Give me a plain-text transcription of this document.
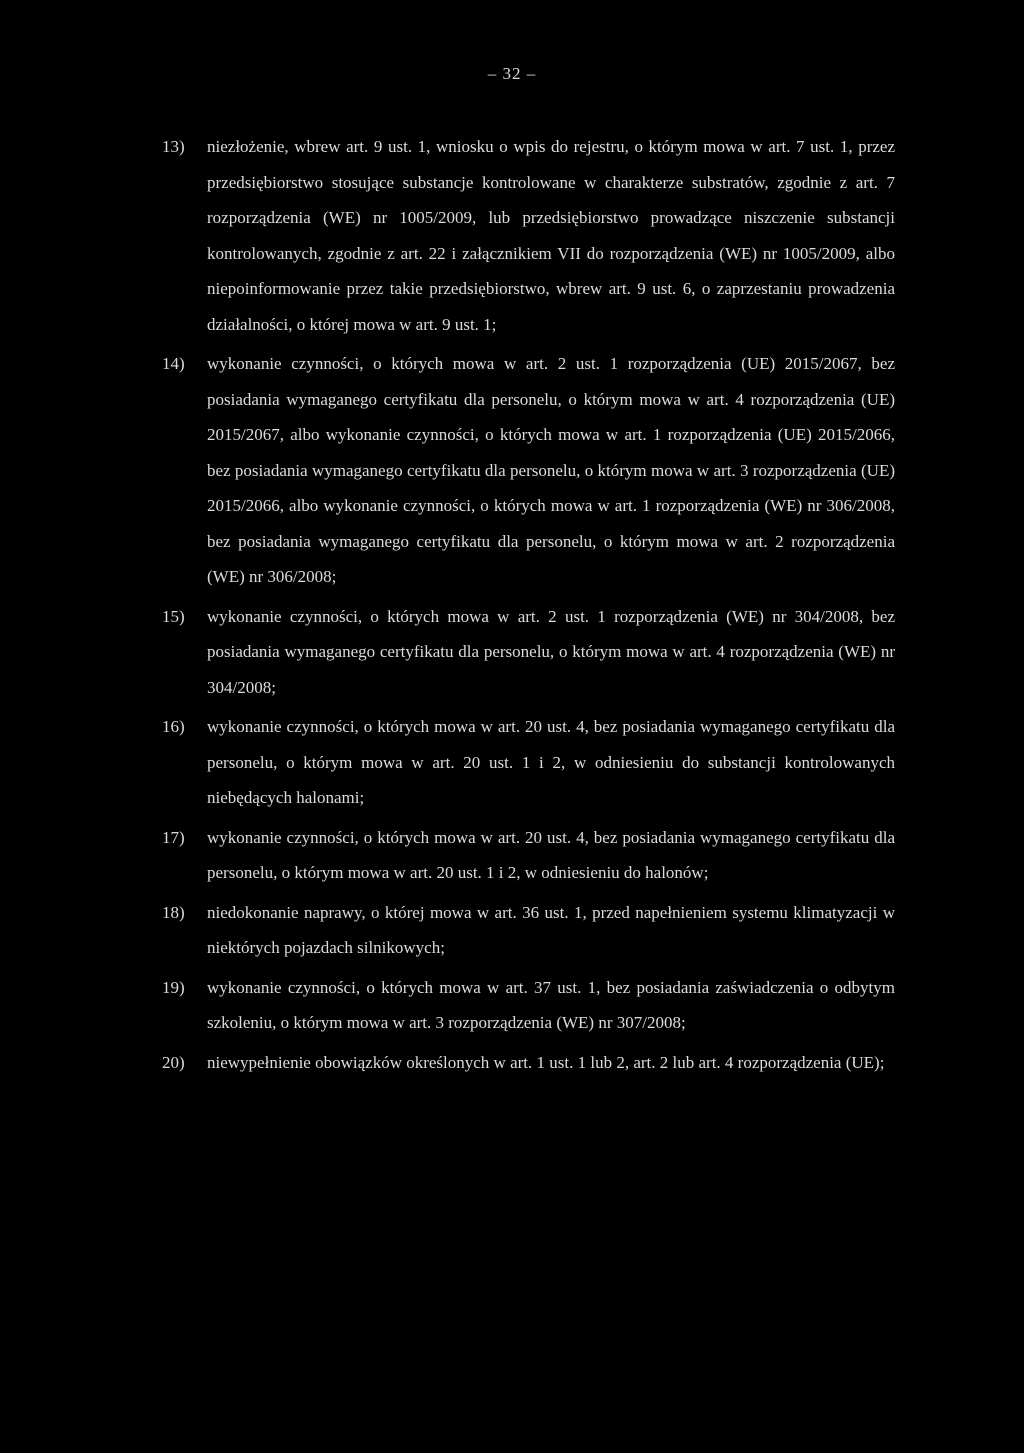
– 32 –
13) niezłożenie, wbrew art. 9 ust. 1, wniosku o wpis do rejestru, o którym mowa w art. 7 ust. 1, przez przedsiębiorstwo stosujące substancje kontrolowane w charakterze substratów, zgodnie z art. 7 rozporządzenia (WE) nr 1005/2009, lub przedsiębiorstwo prowadzące niszczenie substancji kontrolowanych, zgodnie z art. 22 i załącznikiem VII do rozporządzenia (WE) nr 1005/2009, albo niepoinformowanie przez takie przedsiębiorstwo, wbrew art. 9 ust. 6, o zaprzestaniu prowadzenia działalności, o której mowa w art. 9 ust. 1;
14) wykonanie czynności, o których mowa w art. 2 ust. 1 rozporządzenia (UE) 2015/2067, bez posiadania wymaganego certyfikatu dla personelu, o którym mowa w art. 4 rozporządzenia (UE) 2015/2067, albo wykonanie czynności, o których mowa w art. 1 rozporządzenia (UE) 2015/2066, bez posiadania wymaganego certyfikatu dla personelu, o którym mowa w art. 3 rozporządzenia (UE) 2015/2066, albo wykonanie czynności, o których mowa w art. 1 rozporządzenia (WE) nr 306/2008, bez posiadania wymaganego certyfikatu dla personelu, o którym mowa w art. 2 rozporządzenia (WE) nr 306/2008;
15) wykonanie czynności, o których mowa w art. 2 ust. 1 rozporządzenia (WE) nr 304/2008, bez posiadania wymaganego certyfikatu dla personelu, o którym mowa w art. 4 rozporządzenia (WE) nr 304/2008;
16) wykonanie czynności, o których mowa w art. 20 ust. 4, bez posiadania wymaganego certyfikatu dla personelu, o którym mowa w art. 20 ust. 1 i 2, w odniesieniu do substancji kontrolowanych niebędących halonami;
17) wykonanie czynności, o których mowa w art. 20 ust. 4, bez posiadania wymaganego certyfikatu dla personelu, o którym mowa w art. 20 ust. 1 i 2, w odniesieniu do halonów;
18) niedokonanie naprawy, o której mowa w art. 36 ust. 1, przed napełnieniem systemu klimatyzacji w niektórych pojazdach silnikowych;
19) wykonanie czynności, o których mowa w art. 37 ust. 1, bez posiadania zaświadczenia o odbytym szkoleniu, o którym mowa w art. 3 rozporządzenia (WE) nr 307/2008;
20) niewypełnienie obowiązków określonych w art. 1 ust. 1 lub 2, art. 2 lub art. 4 rozporządzenia (UE);
